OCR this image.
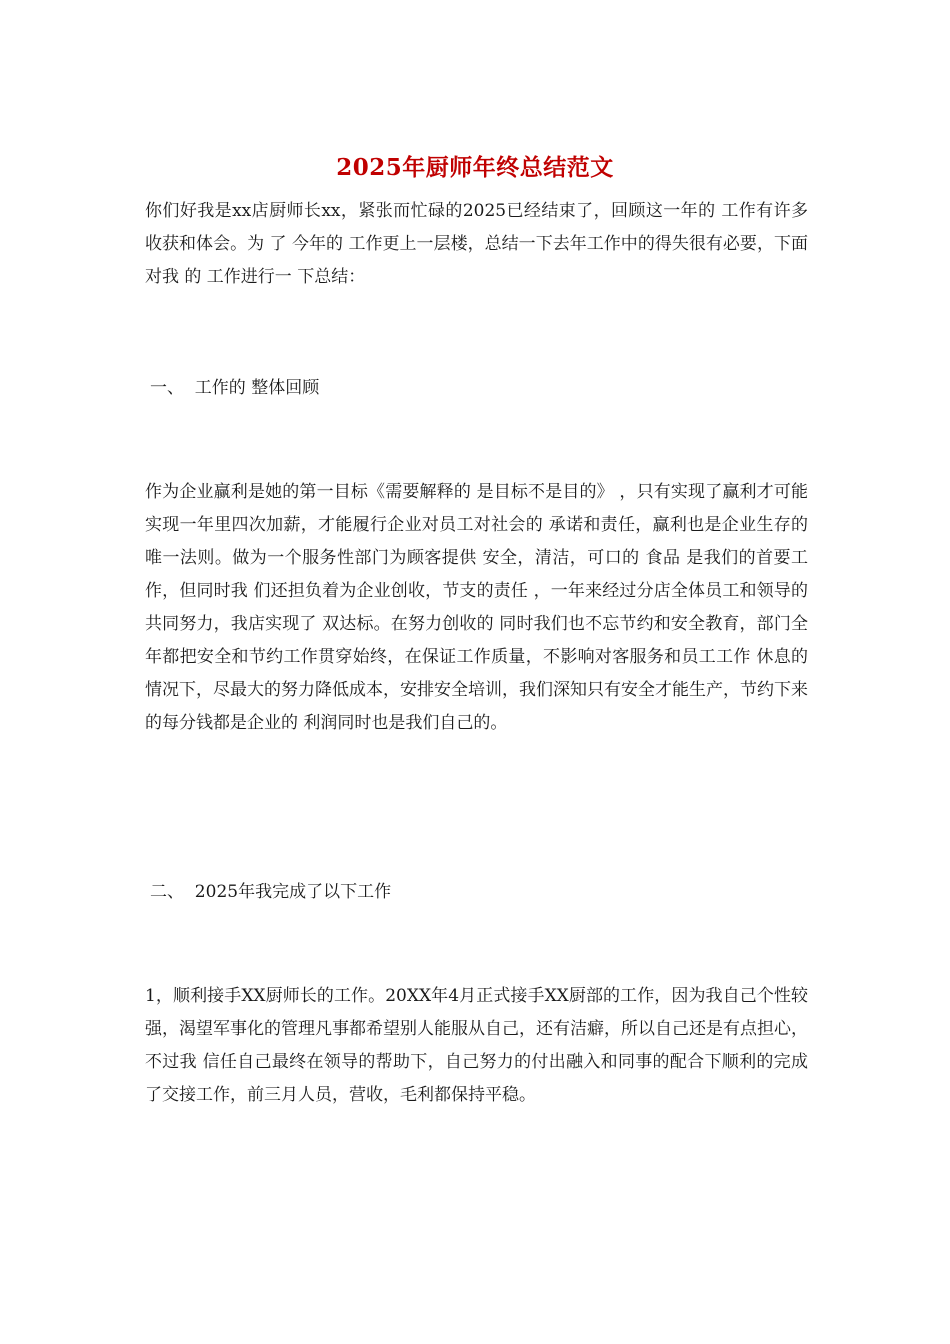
2025年厨师年终总结范文
你们好我是xx店厨师长xx，紧张而忙碌的2025已经结束了，回顾这一年的 工作有许多收获和体会。为 了 今年的 工作更上一层楼，总结一下去年工作中的得失很有必要，下面对我 的 工作进行一 下总结：
一、  工作的 整体回顾
作为企业赢利是她的第一目标《需要解释的 是目标不是目的》 ，只有实现了赢利才可能实现一年里四次加薪，才能履行企业对员工对社会的 承诺和责任，赢利也是企业生存的 唯一法则。做为一个服务性部门为顾客提供 安全，清洁，可口的 食品 是我们的首要工作，但同时我 们还担负着为企业创收，节支的责任 ，一年来经过分店全体员工和领导的 共同努力，我店实现了 双达标。在努力创收的 同时我们也不忘节约和安全教育，部门全年都把安全和节约工作贯穿始终，在保证工作质量，不影响对客服务和员工工作 休息的情况下，尽最大的努力降低成本，安排安全培训，我们深知只有安全才能生产，节约下来的每分钱都是企业的 利润同时也是我们自己的。
二、  2025年我完成了以下工作
1，顺利接手XX厨师长的工作。20XX年4月正式接手XX厨部的工作，因为我自己个性较强，渴望军事化的管理凡事都希望别人能服从自己，还有洁癖，所以自己还是有点担心，不过我 信任自己最终在领导的帮助下，自己努力的付出融入和同事的配合下顺利的完成了交接工作，前三月人员，营收，毛利都保持平稳。
